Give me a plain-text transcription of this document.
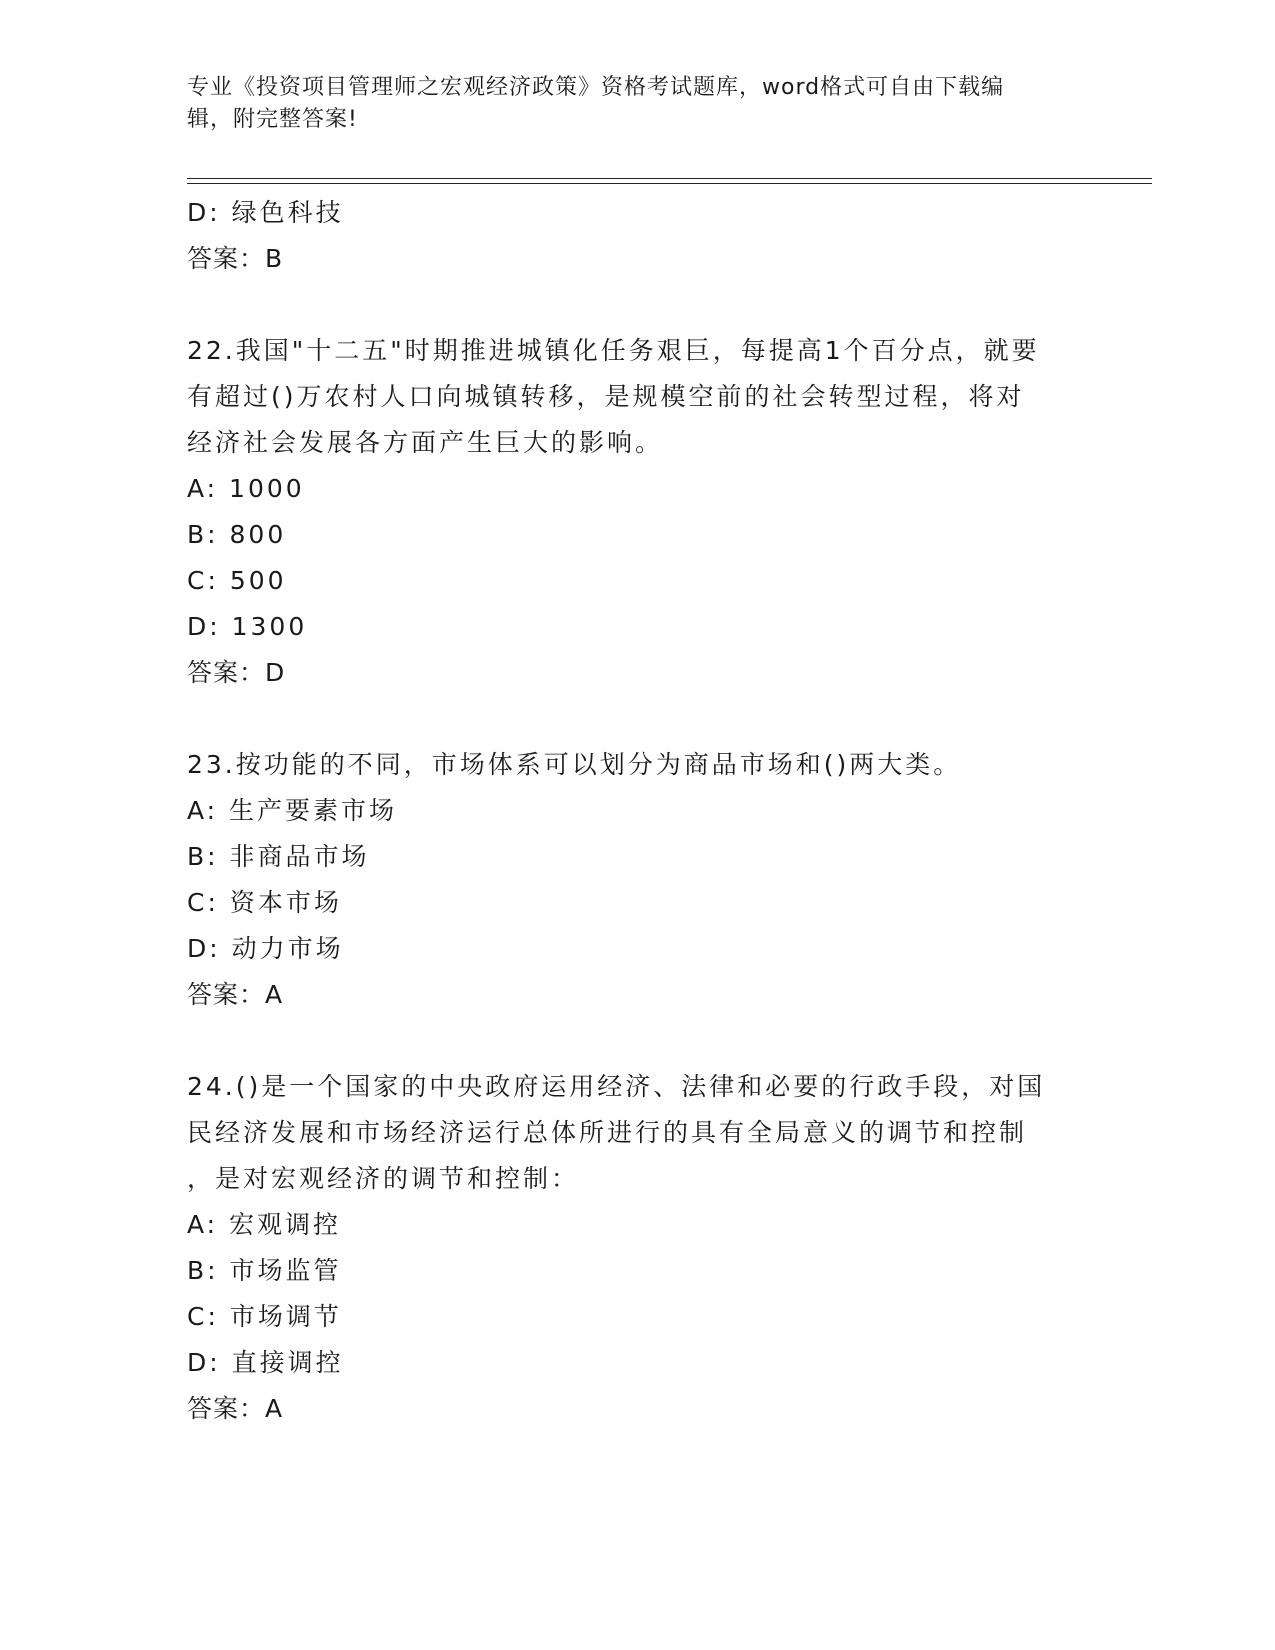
专业《投资项目管理师之宏观经济政策》资格考试题库，word格式可自由下载编
辑，附完整答案!
D: 绿色科技
答案：B
22.我国"十二五"时期推进城镇化任务艰巨，每提高1个百分点，就要
有超过()万农村人口向城镇转移，是规模空前的社会转型过程，将对
经济社会发展各方面产生巨大的影响。
A: 1000
B: 800
C: 500
D: 1300
答案：D
23.按功能的不同，市场体系可以划分为商品市场和()两大类。
A: 生产要素市场
B: 非商品市场
C: 资本市场
D: 动力市场
答案：A
24.()是一个国家的中央政府运用经济、法律和必要的行政手段，对国
民经济发展和市场经济运行总体所进行的具有全局意义的调节和控制
，是对宏观经济的调节和控制：
A: 宏观调控
B: 市场监管
C: 市场调节
D: 直接调控
答案：A
